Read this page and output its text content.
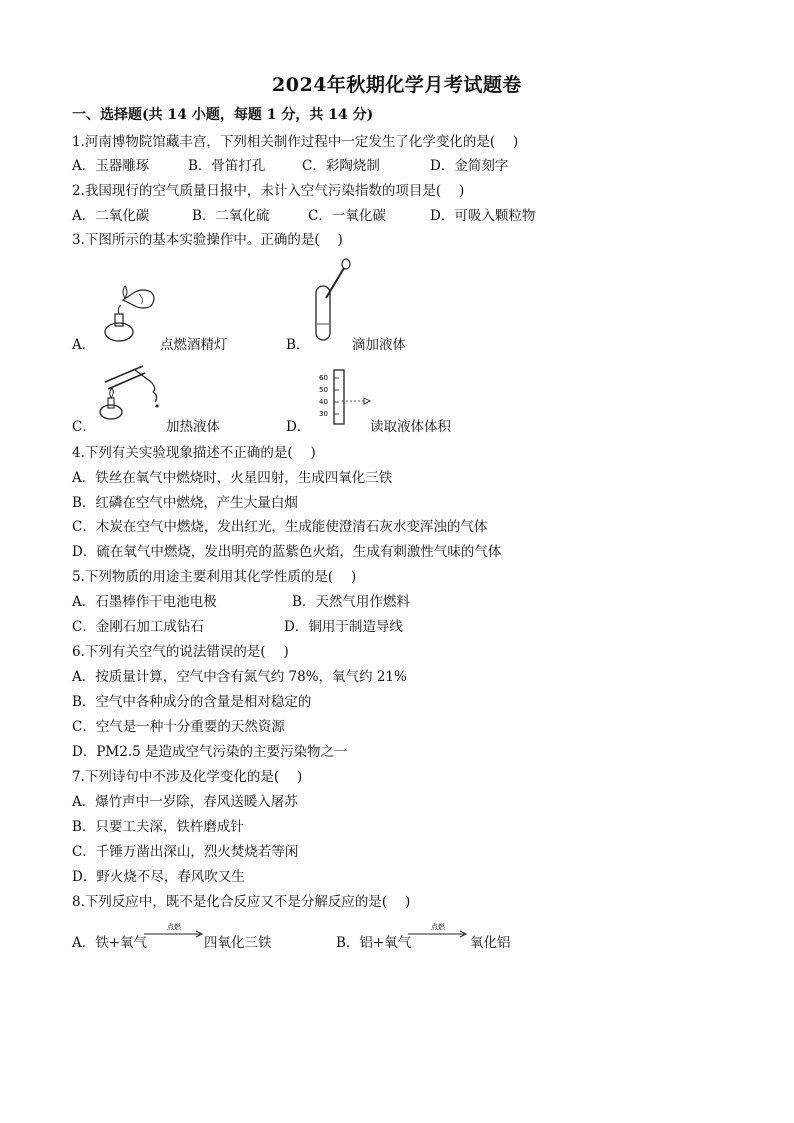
2024年秋期化学月考试题卷
一、选择题(共 14 小题，每题 1 分，共 14 分)
1.河南博物院馆藏丰宫，下列相关制作过程中一定发生了化学变化的是(　 )
A．玉器雕琢	B．骨笛打孔	C．彩陶烧制	D．金简刻字
2.我国现行的空气质量日报中，未计入空气污染指数的项目是(　 )
A．二氧化碳	B．二氧化硫	C．一氧化碳	D．可吸入颗粒物
3.下图所示的基本实验操作中。正确的是(　 )
A．	点燃酒精灯	B．	滴加液体
C．	加热液体
60
50
40
30
D．	读取液体体积
4.下列有关实验现象描述不正确的是(　 )
A．铁丝在氧气中燃烧时，火星四射，生成四氧化三铁
B．红磷在空气中燃烧，产生大量白烟
C．木炭在空气中燃烧，发出红光，生成能使澄清石灰水变浑浊的气体
D．硫在氧气中燃烧，发出明亮的蓝紫色火焰，生成有刺激性气味的气体
5.下列物质的用途主要利用其化学性质的是(　 )
A．石墨棒作干电池电极	B．天然气用作燃料
C．金刚石加工成钻石	D．铜用于制造导线
6.下列有关空气的说法错误的是(　 )
A．按质量计算，空气中含有氮气约 78%，氧气约 21%
B．空气中各种成分的含量是相对稳定的
C．空气是一种十分重要的天然资源
D．PM2.5 是造成空气污染的主要污染物之一
7.下列诗句中不涉及化学变化的是(　 )
A．爆竹声中一岁除，春风送暖入屠苏
B．只要工夫深，铁杵磨成针
C．千锤万凿出深山，烈火焚烧若等闲
D．野火烧不尽，春风吹又生
8.下列反应中，既不是化合反应又不是分解反应的是(　 )
A．铁+氧气
点燃
四氧化三铁	B．铝+氧气
点燃
氧化铝
